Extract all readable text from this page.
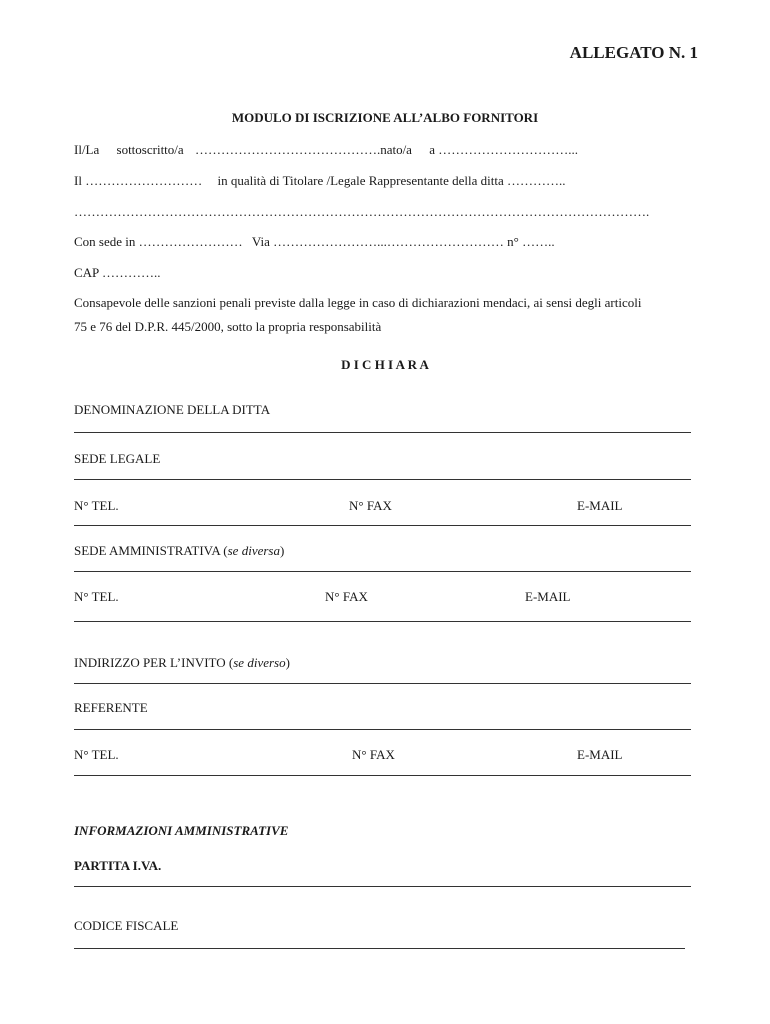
ALLEGATO N. 1
MODULO DI ISCRIZIONE ALL’ALBO FORNITORI
Il/La sottoscritto/a …………………………………….nato/a a …………………………...
Il ……………………… in qualità di Titolare /Legale Rappresentante della ditta …………..
…………………………………………………………………………………………………………………….
Con sede in …………………… Via ……………………...……………………… n° ……..
CAP …………..
Consapevole delle sanzioni penali previste dalla legge in caso di dichiarazioni mendaci, ai sensi degli articoli
75 e 76 del D.P.R. 445/2000, sotto la propria responsabilità
D I C H I A R A
DENOMINAZIONE DELLA DITTA
SEDE LEGALE
N° TEL.	N° FAX	E-MAIL
SEDE AMMINISTRATIVA (se diversa)
N° TEL.	N° FAX	E-MAIL
INDIRIZZO PER L’INVITO (se diverso)
REFERENTE
N° TEL.	N° FAX	E-MAIL
INFORMAZIONI AMMINISTRATIVE
PARTITA I.VA.
CODICE FISCALE
